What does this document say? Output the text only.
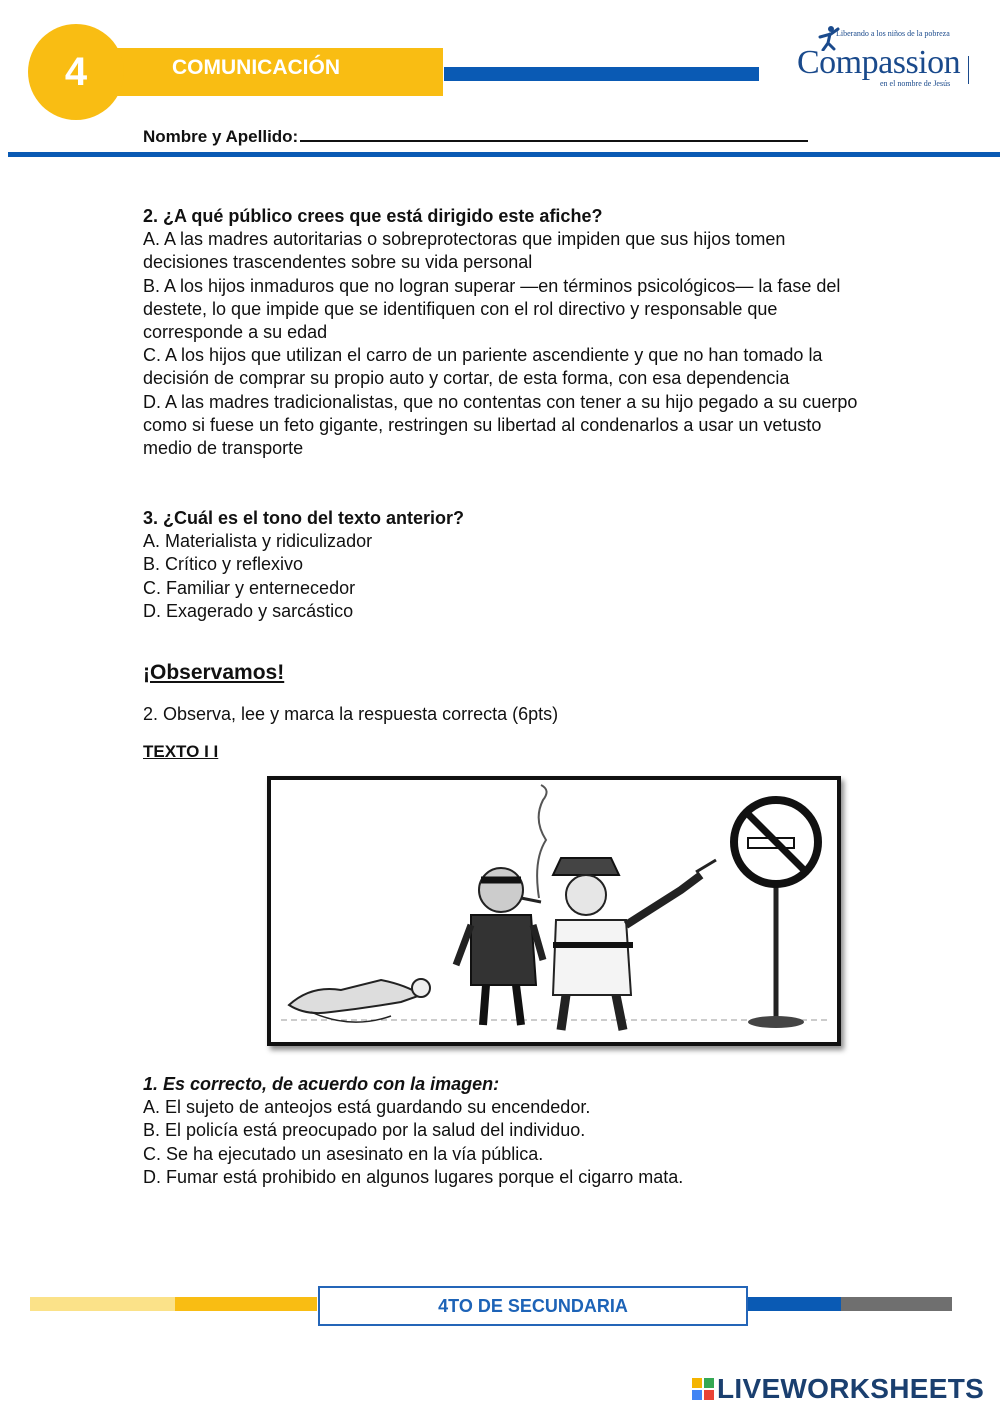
4	COMUNICACIÓN
Liberando a los niños de la pobreza
Compassion
en el nombre de Jesús
Nombre y Apellido:

2. ¿A qué público crees que está dirigido este afiche?

A. A las madres autoritarias o sobreprotectoras que impiden que sus hijos tomen decisiones trascendentes sobre su vida personal

B. A los hijos inmaduros que no logran superar —en términos psicológicos— la fase del destete, lo que impide que se identifiquen con el rol directivo y responsable que corresponde a su edad

C. A los hijos que utilizan el carro de un pariente ascendiente y que no han tomado la decisión de comprar su propio auto y cortar, de esta forma, con esa dependencia

D. A las madres tradicionalistas, que no contentas con tener a su hijo pegado a su cuerpo como si fuese un feto gigante, restringen su libertad al condenarlos a usar un vetusto medio de transporte

3. ¿Cuál es el tono del texto anterior?

A. Materialista y ridiculizador

B. Crítico y reflexivo

C. Familiar y enternecedor

D. Exagerado y sarcástico

¡Observamos!
2. Observa, lee y marca la respuesta correcta (6pts)
TEXTO I I

1. Es correcto, de acuerdo con la imagen:

A. El sujeto de anteojos está guardando su encendedor.

B. El policía está preocupado por la salud del individuo.

C. Se ha ejecutado un asesinato en la vía pública.

D. Fumar está prohibido en algunos lugares porque el cigarro mata.

4TO DE SECUNDARIA
LIVEWORKSHEETS
